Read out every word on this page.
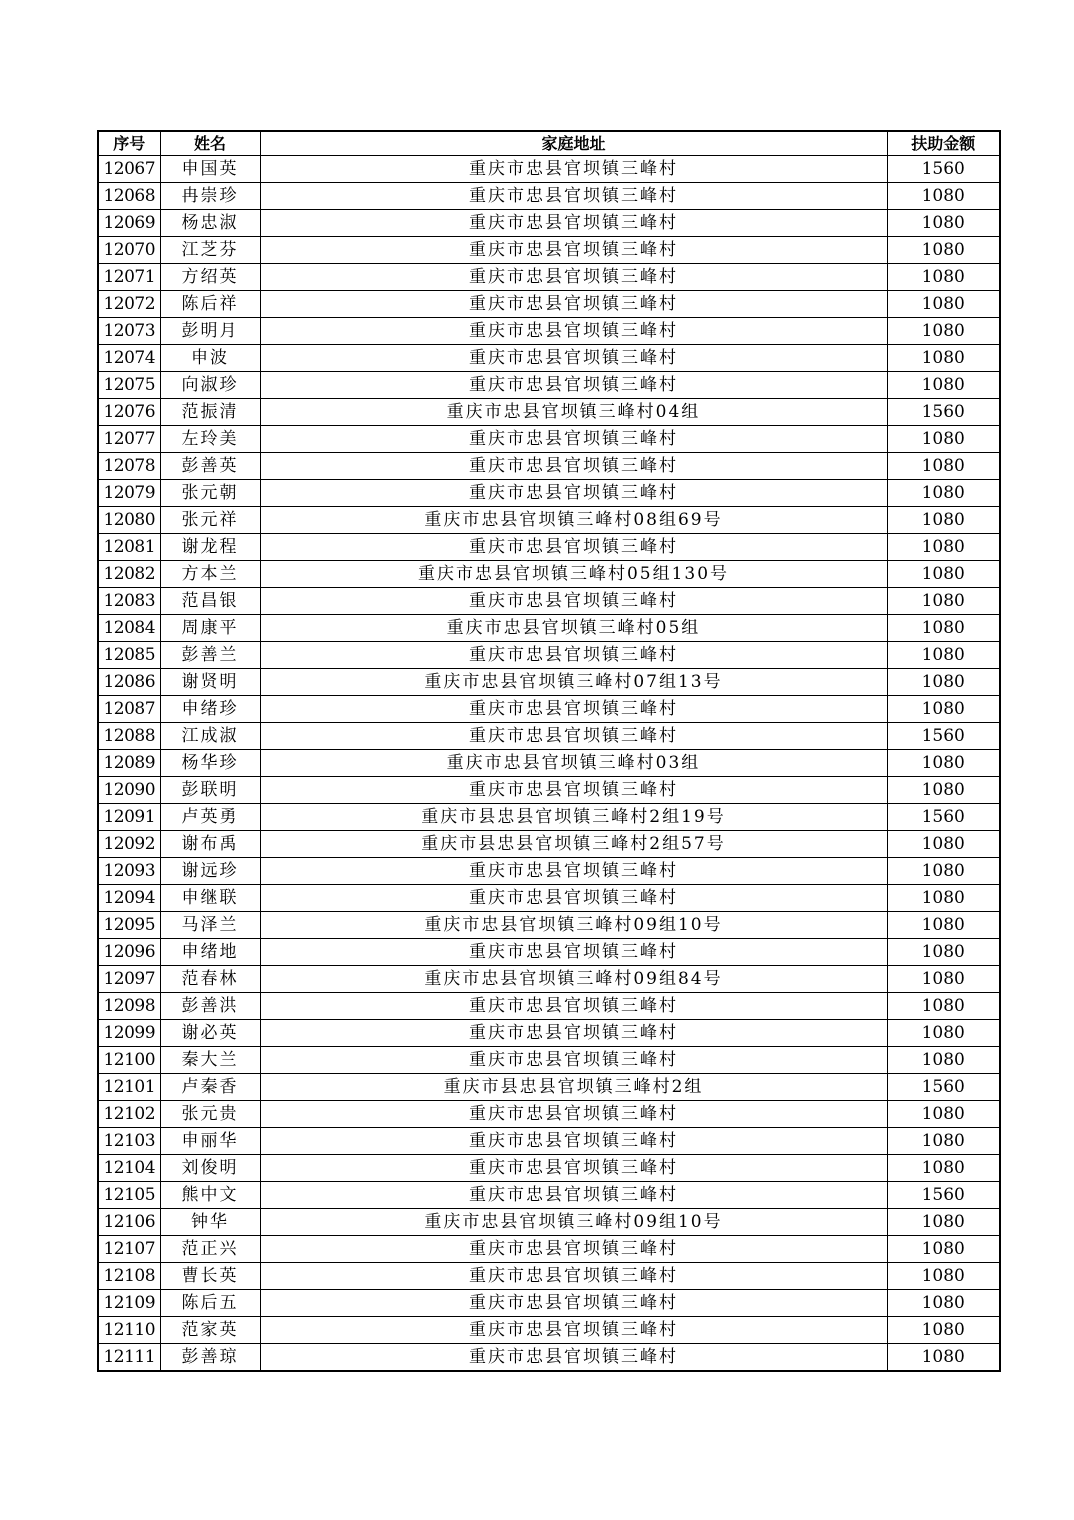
序号	姓名	家庭地址	扶助金额
12067	申国英	重庆市忠县官坝镇三峰村	1560
12068	冉崇珍	重庆市忠县官坝镇三峰村	1080
12069	杨忠淑	重庆市忠县官坝镇三峰村	1080
12070	江芝芬	重庆市忠县官坝镇三峰村	1080
12071	方绍英	重庆市忠县官坝镇三峰村	1080
12072	陈后祥	重庆市忠县官坝镇三峰村	1080
12073	彭明月	重庆市忠县官坝镇三峰村	1080
12074	申波	重庆市忠县官坝镇三峰村	1080
12075	向淑珍	重庆市忠县官坝镇三峰村	1080
12076	范振清	重庆市忠县官坝镇三峰村04组	1560
12077	左玲美	重庆市忠县官坝镇三峰村	1080
12078	彭善英	重庆市忠县官坝镇三峰村	1080
12079	张元朝	重庆市忠县官坝镇三峰村	1080
12080	张元祥	重庆市忠县官坝镇三峰村08组69号	1080
12081	谢龙程	重庆市忠县官坝镇三峰村	1080
12082	方本兰	重庆市忠县官坝镇三峰村05组130号	1080
12083	范昌银	重庆市忠县官坝镇三峰村	1080
12084	周康平	重庆市忠县官坝镇三峰村05组	1080
12085	彭善兰	重庆市忠县官坝镇三峰村	1080
12086	谢贤明	重庆市忠县官坝镇三峰村07组13号	1080
12087	申绪珍	重庆市忠县官坝镇三峰村	1080
12088	江成淑	重庆市忠县官坝镇三峰村	1560
12089	杨华珍	重庆市忠县官坝镇三峰村03组	1080
12090	彭联明	重庆市忠县官坝镇三峰村	1080
12091	卢英勇	重庆市县忠县官坝镇三峰村2组19号	1560
12092	谢布禹	重庆市县忠县官坝镇三峰村2组57号	1080
12093	谢远珍	重庆市忠县官坝镇三峰村	1080
12094	申继联	重庆市忠县官坝镇三峰村	1080
12095	马泽兰	重庆市忠县官坝镇三峰村09组10号	1080
12096	申绪地	重庆市忠县官坝镇三峰村	1080
12097	范春林	重庆市忠县官坝镇三峰村09组84号	1080
12098	彭善洪	重庆市忠县官坝镇三峰村	1080
12099	谢必英	重庆市忠县官坝镇三峰村	1080
12100	秦大兰	重庆市忠县官坝镇三峰村	1080
12101	卢秦香	重庆市县忠县官坝镇三峰村2组	1560
12102	张元贵	重庆市忠县官坝镇三峰村	1080
12103	申丽华	重庆市忠县官坝镇三峰村	1080
12104	刘俊明	重庆市忠县官坝镇三峰村	1080
12105	熊中文	重庆市忠县官坝镇三峰村	1560
12106	钟华	重庆市忠县官坝镇三峰村09组10号	1080
12107	范正兴	重庆市忠县官坝镇三峰村	1080
12108	曹长英	重庆市忠县官坝镇三峰村	1080
12109	陈后五	重庆市忠县官坝镇三峰村	1080
12110	范家英	重庆市忠县官坝镇三峰村	1080
12111	彭善琼	重庆市忠县官坝镇三峰村	1080
